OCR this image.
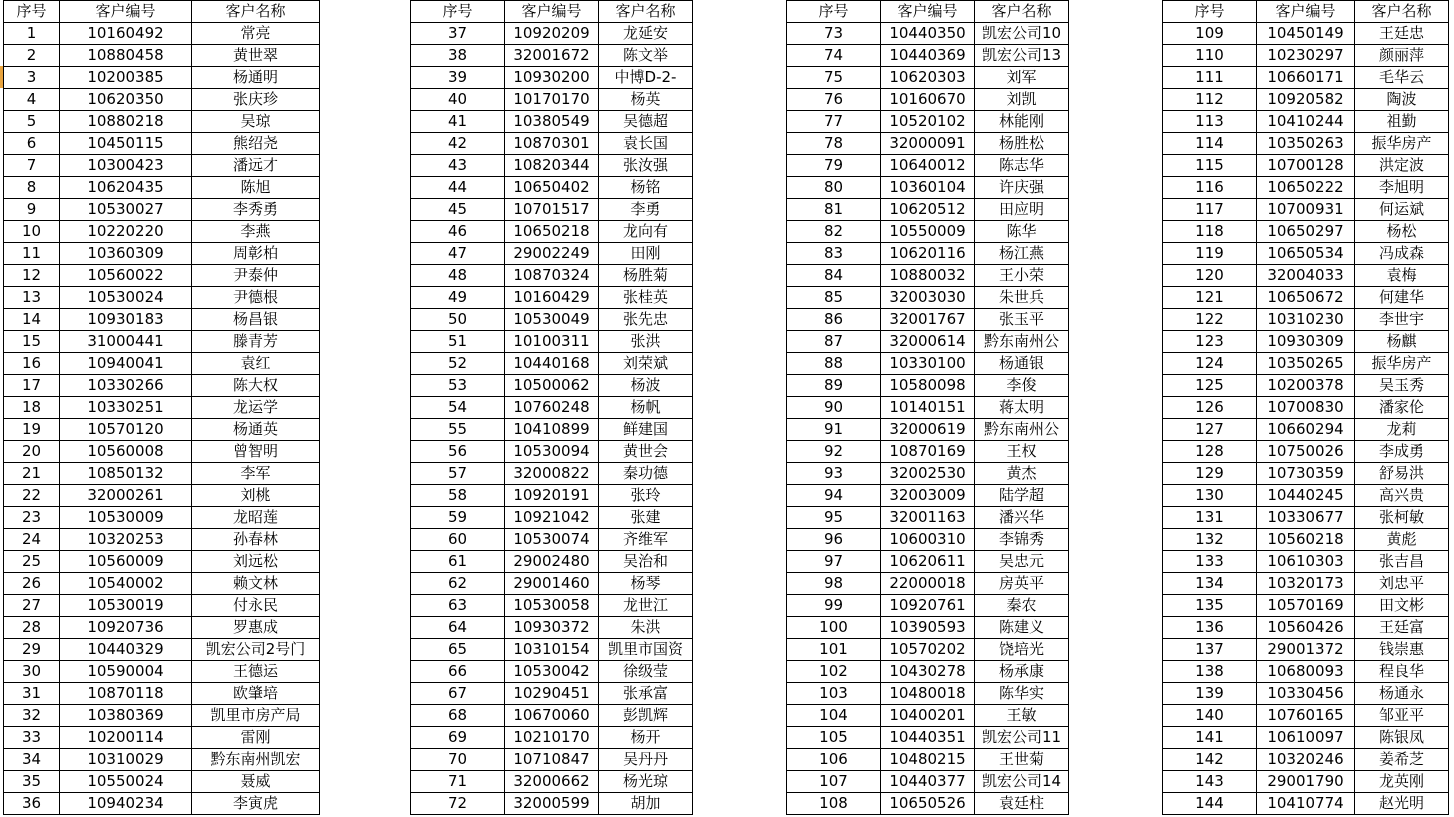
序号	客户编号	客户名称
1	10160492	常亮
2	10880458	黄世翠
3	10200385	杨通明
4	10620350	张庆珍
5	10880218	吴琼
6	10450115	熊绍尧
7	10300423	潘远才
8	10620435	陈旭
9	10530027	李秀勇
10	10220220	李燕
11	10360309	周彰柏
12	10560022	尹泰仲
13	10530024	尹德根
14	10930183	杨昌银
15	31000441	滕青芳
16	10940041	袁红
17	10330266	陈大权
18	10330251	龙运学
19	10570120	杨通英
20	10560008	曾智明
21	10850132	李军
22	32000261	刘桃
23	10530009	龙昭莲
24	10320253	孙春林
25	10560009	刘远松
26	10540002	赖文林
27	10530019	付永民
28	10920736	罗惠成
29	10440329	凯宏公司2号门
30	10590004	王德运
31	10870118	欧肇培
32	10380369	凯里市房产局
33	10200114	雷刚
34	10310029	黔东南州凯宏
35	10550024	聂威
36	10940234	李寅虎
序号	客户编号	客户名称
37	10920209	龙延安
38	32001672	陈文举
39	10930200	中博D-2-
40	10170170	杨英
41	10380549	吴德超
42	10870301	袁长国
43	10820344	张汝强
44	10650402	杨铭
45	10701517	李勇
46	10650218	龙向有
47	29002249	田刚
48	10870324	杨胜菊
49	10160429	张桂英
50	10530049	张先忠
51	10100311	张洪
52	10440168	刘荣斌
53	10500062	杨波
54	10760248	杨帆
55	10410899	鲜建国
56	10530094	黄世会
57	32000822	秦功德
58	10920191	张玲
59	10921042	张建
60	10530074	齐维军
61	29002480	吴治和
62	29001460	杨琴
63	10530058	龙世江
64	10930372	朱洪
65	10310154	凯里市国资
66	10530042	徐级莹
67	10290451	张承富
68	10670060	彭凯辉
69	10210170	杨开
70	10710847	吴丹丹
71	32000662	杨光琼
72	32000599	胡加
序号	客户编号	客户名称
73	10440350	凯宏公司10
74	10440369	凯宏公司13
75	10620303	刘军
76	10160670	刘凯
77	10520102	林能刚
78	32000091	杨胜松
79	10640012	陈志华
80	10360104	许庆强
81	10620512	田应明
82	10550009	陈华
83	10620116	杨江燕
84	10880032	王小荣
85	32003030	朱世兵
86	32001767	张玉平
87	32000614	黔东南州公
88	10330100	杨通银
89	10580098	李俊
90	10140151	蒋太明
91	32000619	黔东南州公
92	10870169	王权
93	32002530	黄杰
94	32003009	陆学超
95	32001163	潘兴华
96	10600310	李锦秀
97	10620611	吴忠元
98	22000018	房英平
99	10920761	秦农
100	10390593	陈建义
101	10570202	饶培光
102	10430278	杨承康
103	10480018	陈华实
104	10400201	王敏
105	10440351	凯宏公司11
106	10480215	王世菊
107	10440377	凯宏公司14
108	10650526	袁廷柱
序号	客户编号	客户名称
109	10450149	王廷忠
110	10230297	颜丽萍
111	10660171	毛华云
112	10920582	陶波
113	10410244	祖勤
114	10350263	振华房产
115	10700128	洪定波
116	10650222	李旭明
117	10700931	何运斌
118	10650297	杨松
119	10650534	冯成森
120	32004033	袁梅
121	10650672	何建华
122	10310230	李世宇
123	10930309	杨麒
124	10350265	振华房产
125	10200378	吴玉秀
126	10700830	潘家伦
127	10660294	龙莉
128	10750026	李成勇
129	10730359	舒易洪
130	10440245	高兴贵
131	10330677	张柯敏
132	10560218	黄彪
133	10610303	张吉昌
134	10320173	刘忠平
135	10570169	田文彬
136	10560426	王廷富
137	29001372	钱崇惠
138	10680093	程良华
139	10330456	杨通永
140	10760165	邹亚平
141	10610097	陈银凤
142	10320246	姜希芝
143	29001790	龙英刚
144	10410774	赵光明
